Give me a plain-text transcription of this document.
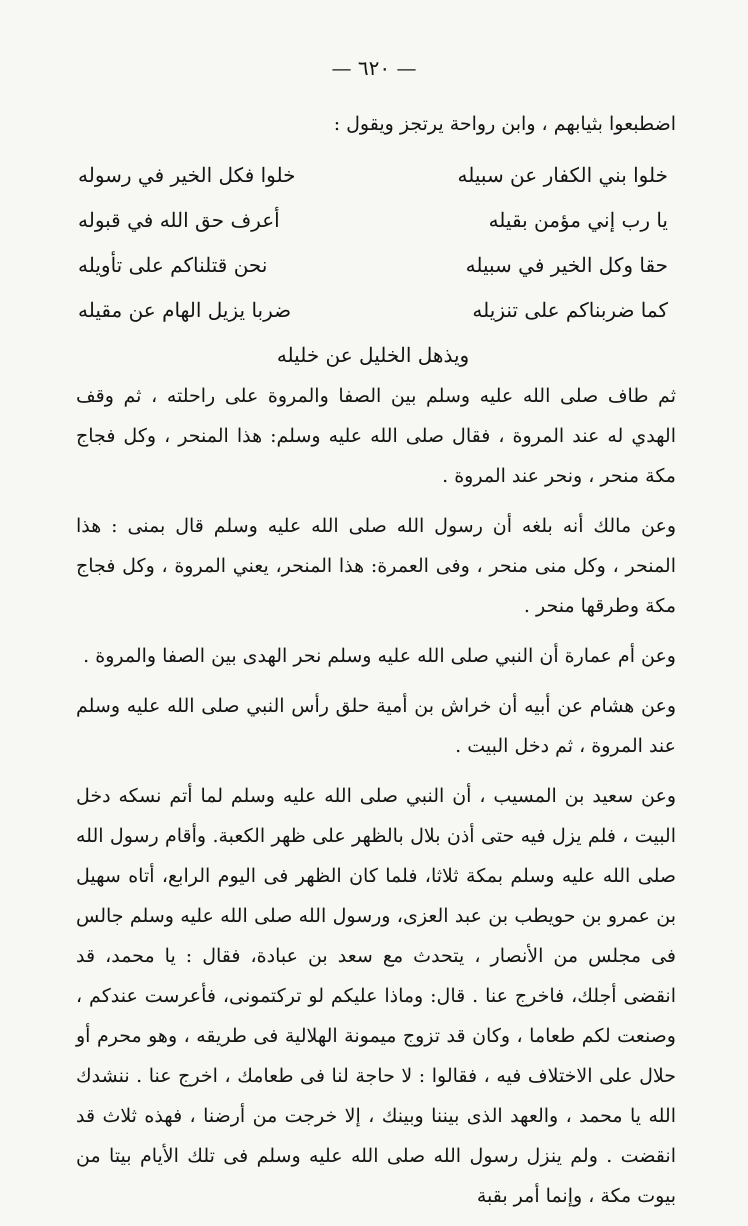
— ٦٢٠ —
اضطبعوا بثيابهم ، وابن رواحة يرتجز ويقول :
خلوا بني الكفار عن سبيله
خلوا فكل الخير في رسوله
يا رب إني مؤمن بقيله
أعرف حق الله في قبوله
حقا وكل الخير في سبيله
نحن قتلناكم على تأويله
كما ضربناكم على تنزيله
ضربا يزيل الهام عن مقيله
ويذهل الخليل عن خليله

ثم طاف صلى الله عليه وسلم بين الصفا والمروة على راحلته ، ثم وقف الهدي له عند المروة ، فقال صلى الله عليه وسلم: هذا المنحر ، وكل فجاج مكة منحر ، ونحر عند المروة .

وعن مالك أنه بلغه أن رسول الله صلى الله عليه وسلم قال بمنى : هذا المنحر ، وكل منى منحر ، وفى العمرة: هذا المنحر، يعني المروة ، وكل فجاج مكة وطرقها منحر .

وعن أم عمارة أن النبي صلى الله عليه وسلم نحر الهدى بين الصفا والمروة .

وعن هشام عن أبيه أن خراش بن أمية حلق رأس النبي صلى الله عليه وسلم عند المروة ، ثم دخل البيت .

وعن سعيد بن المسيب ، أن النبي صلى الله عليه وسلم لما أتم نسكه دخل البيت ، فلم يزل فيه حتى أذن بلال بالظهر على ظهر الكعبة. وأقام رسول الله صلى الله عليه وسلم بمكة ثلاثا، فلما كان الظهر فى اليوم الرابع، أتاه سهيل بن عمرو بن حويطب بن عبد العزى، ورسول الله صلى الله عليه وسلم جالس فى مجلس من الأنصار ، يتحدث مع سعد بن عبادة، فقال : يا محمد، قد انقضى أجلك، فاخرج عنا . قال: وماذا عليكم لو تركتمونى، فأعرست عندكم ، وصنعت لكم طعاما ، وكان قد تزوج ميمونة الهلالية فى طريقه ، وهو محرم أو حلال على الاختلاف فيه ، فقالوا : لا حاجة لنا فى طعامك ، اخرج عنا . ننشدك الله يا محمد ، والعهد الذى بيننا وبينك ، إلا خرجت من أرضنا ، فهذه ثلاث قد انقضت . ولم ينزل رسول الله صلى الله عليه وسلم فى تلك الأيام بيتا من بيوت مكة ، وإنما أمر بقبة
